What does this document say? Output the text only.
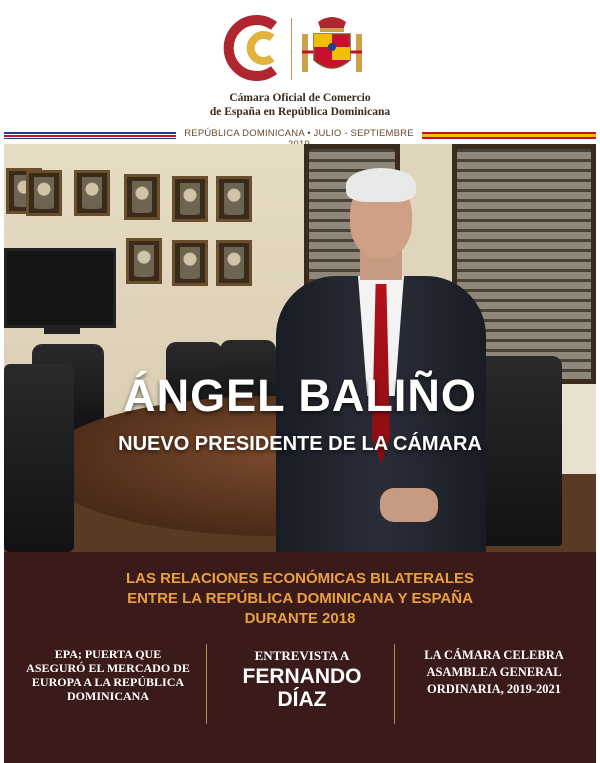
Cámara Oficial de Comercio
de España en República Dominicana
REPÚBLICA DOMINICANA • JULIO - SEPTIEMBRE
ÁNGEL BALIÑO
NUEVO PRESIDENTE DE LA CÁMARA
LAS RELACIONES ECONÓMICAS BILATERALES
ENTRE LA REPÚBLICA DOMINICANA Y ESPAÑA
DURANTE 2018
EPA; PUERTA QUE
ASEGURÓ EL MERCADO DE
EUROPA A LA REPÚBLICA
DOMINICANA
ENTREVISTA A
FERNANDO
DÍAZ
LA CÁMARA CELEBRA
ASAMBLEA GENERAL
ORDINARIA, 2019-2021
